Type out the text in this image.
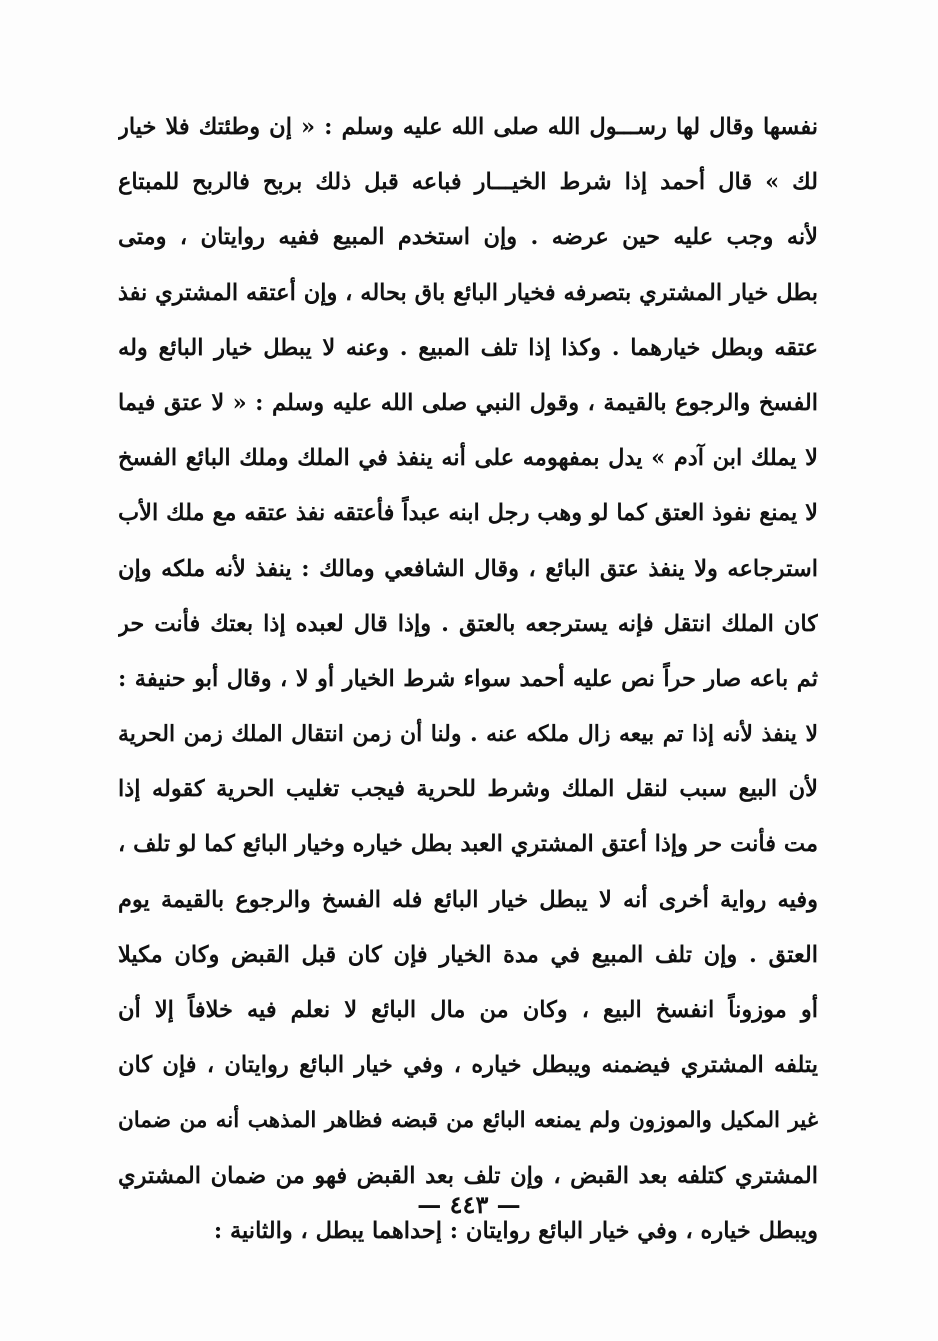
نفسها وقال لها رســـول الله صلى الله عليه وسلم : « إن وطئتك فلا خيار
لك » قال أحمد إذا شرط الخيـــار فباعه قبل ذلك بربح فالربح للمبتاع
لأنه وجب عليه حين عرضه . وإن استخدم المبيع ففيه روايتان ، ومتى
بطل خيار المشتري بتصرفه فخيار البائع باق بحاله ، وإن أعتقه المشتري نفذ
عتقه وبطل خيارهما . وكذا إذا تلف المبيع . وعنه لا يبطل خيار البائع وله
الفسخ والرجوع بالقيمة ، وقول النبي صلى الله عليه وسلم : « لا عتق فيما
لا يملك ابن آدم » يدل بمفهومه على أنه ينفذ في الملك وملك البائع الفسخ
لا يمنع نفوذ العتق كما لو وهب رجل ابنه عبداً فأعتقه نفذ عتقه مع ملك الأب
استرجاعه ولا ينفذ عتق البائع ، وقال الشافعي ومالك : ينفذ لأنه ملكه وإن
كان الملك انتقل فإنه يسترجعه بالعتق . وإذا قال لعبده إذا بعتك فأنت حر
ثم باعه صار حراً نص عليه أحمد سواء شرط الخيار أو لا ، وقال أبو حنيفة :
لا ينفذ لأنه إذا تم بيعه زال ملكه عنه . ولنا أن زمن انتقال الملك زمن الحرية
لأن البيع سبب لنقل الملك وشرط للحرية فيجب تغليب الحرية كقوله إذا
مت فأنت حر وإذا أعتق المشتري العبد بطل خياره وخيار البائع كما لو تلف ،
وفيه رواية أخرى أنه لا يبطل خيار البائع فله الفسخ والرجوع بالقيمة يوم
العتق . وإن تلف المبيع في مدة الخيار فإن كان قبل القبض وكان مكيلا
أو موزوناً انفسخ البيع ، وكان من مال البائع لا نعلم فيه خلافاً إلا أن
يتلفه المشتري فيضمنه ويبطل خياره ، وفي خيار البائع روايتان ، فإن كان
غير المكيل والموزون ولم يمنعه البائع من قبضه فظاهر المذهب أنه من ضمان
المشتري كتلفه بعد القبض ، وإن تلف بعد القبض فهو من ضمان المشتري
ويبطل خياره ، وفي خيار البائع روايتان : إحداهما يبطل ، والثانية :
— ٤٤٣ —
